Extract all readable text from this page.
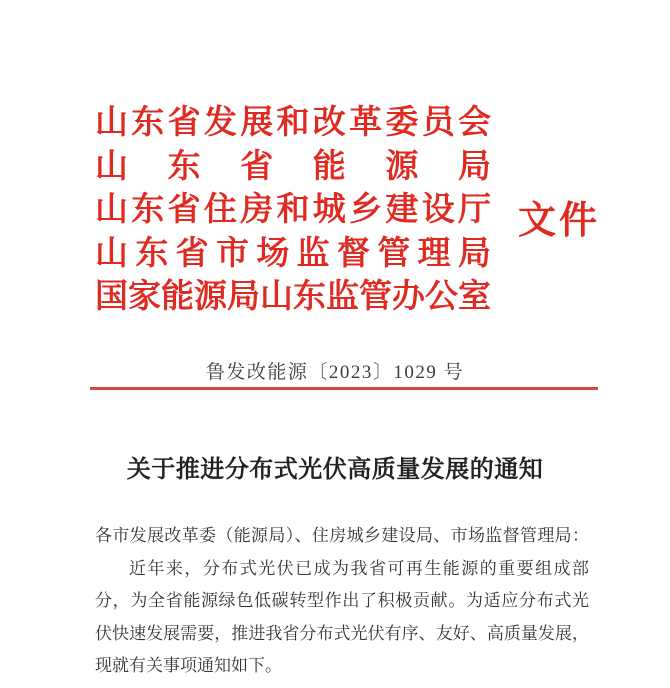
山东省发展和改革委员会
山东省能源局
山东省住房和城乡建设厅
山东省市场监督管理局
国家能源局山东监管办公室
文件
鲁发改能源〔2023〕1029 号
关于推进分布式光伏高质量发展的通知
各市发展改革委（能源局）、住房城乡建设局、市场监督管理局：
近年来，分布式光伏已成为我省可再生能源的重要组成部
分，为全省能源绿色低碳转型作出了积极贡献。为适应分布式光
伏快速发展需要，推进我省分布式光伏有序、友好、高质量发展，
现就有关事项通知如下。
